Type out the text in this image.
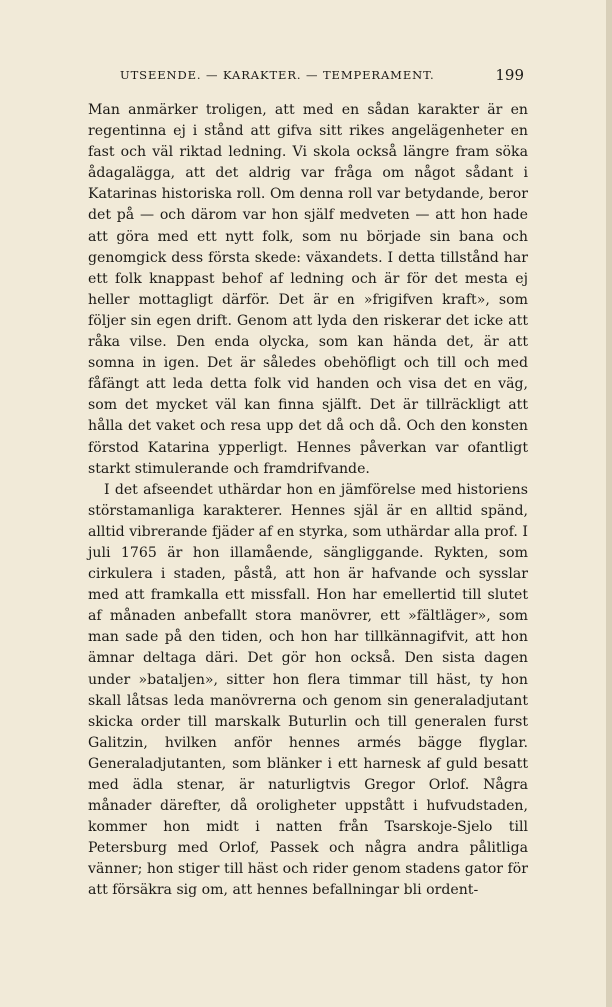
UTSEENDE. — KARAKTER. — TEMPERAMENT.	199

Man anmärker troligen, att med en sådan karakter är en regentinna ej i stånd att gifva sitt rikes angelägenheter en fast och väl riktad ledning. Vi skola också längre fram söka ådagalägga, att det aldrig var fråga om något sådant i Katarinas historiska roll. Om denna roll var betydande, beror det på — och därom var hon själf medveten — att hon hade att göra med ett nytt folk, som nu började sin bana och genomgick dess första skede: växandets. I detta tillstånd har ett folk knappast behof af ledning och är för det mesta ej heller mottagligt därför. Det är en »frigifven kraft», som följer sin egen drift. Genom att lyda den riskerar det icke att råka vilse. Den enda olycka, som kan hända det, är att somna in igen. Det är således obehöfligt och till och med fåfängt att leda detta folk vid handen och visa det en väg, som det mycket väl kan finna själft. Det är tillräckligt att hålla det vaket och resa upp det då och då. Och den konsten förstod Katarina ypperligt. Hennes påverkan var ofantligt starkt stimulerande och framdrifvande.

I det afseendet uthärdar hon en jämförelse med historiens störstamanliga karakterer. Hennes själ är en alltid spänd, alltid vibrerande fjäder af en styrka, som uthärdar alla prof. I juli 1765 är hon illamående, sängliggande. Rykten, som cirkulera i staden, påstå, att hon är hafvande och sysslar med att framkalla ett missfall. Hon har emellertid till slutet af månaden anbefallt stora manövrer, ett »fältläger», som man sade på den tiden, och hon har tillkännagifvit, att hon ämnar deltaga däri. Det gör hon också. Den sista dagen under »bataljen», sitter hon flera timmar till häst, ty hon skall låtsas leda manövrerna och genom sin generaladjutant skicka order till marskalk Buturlin och till generalen furst Galitzin, hvilken anför hennes armés bägge flyglar. Generaladjutanten, som blänker i ett harnesk af guld besatt med ädla stenar, är naturligtvis Gregor Orlof. Några månader därefter, då oroligheter uppstått i hufvudstaden, kommer hon midt i natten från Tsarskoje-Sjelo till Petersburg med Orlof, Passek och några andra pålitliga vänner; hon stiger till häst och rider genom stadens gator för att försäkra sig om, att hennes befallningar bli ordent-
